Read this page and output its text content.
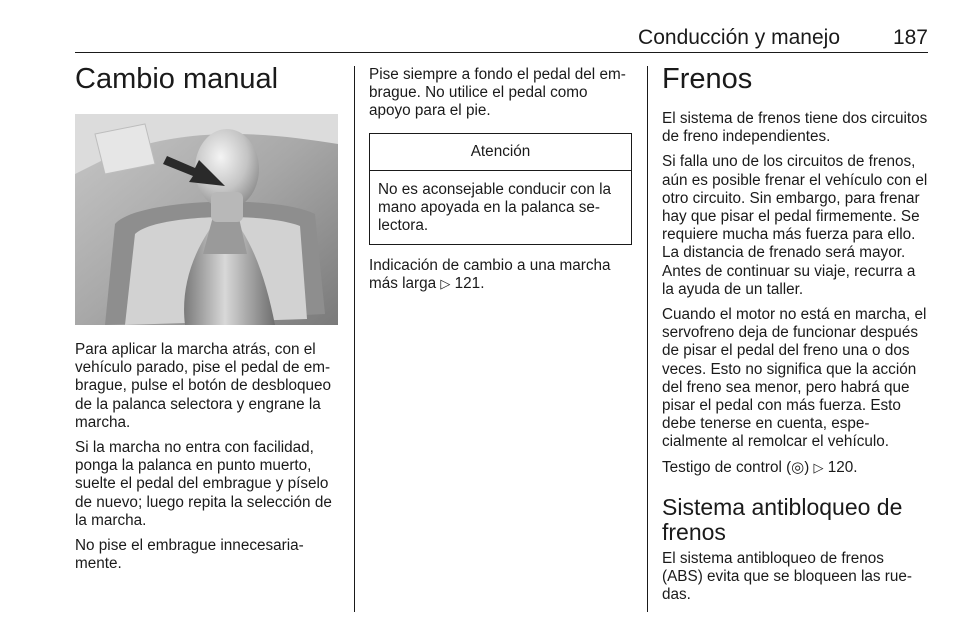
Conducción y manejo	187
Cambio manual

Para aplicar la marcha atrás, con el vehículo parado, pise el pedal de embrague, pulse el botón de desbloqueo de la palanca selectora y engrane la marcha.

Si la marcha no entra con facilidad, ponga la palanca en punto muerto, suelte el pedal del embrague y píselo de nuevo; luego repita la selección de la marcha.

No pise el embrague innecesariamente.

Pise siempre a fondo el pedal del embrague. No utilice el pedal como apoyo para el pie.

Atención

No es aconsejable conducir con la mano apoyada en la palanca selectora.

Indicación de cambio a una marcha más larga ▷ 121.

Frenos

El sistema de frenos tiene dos circuitos de freno independientes.

Si falla uno de los circuitos de frenos, aún es posible frenar el vehículo con el otro circuito. Sin embargo, para frenar hay que pisar el pedal firmemente. Se requiere mucha más fuerza para ello. La distancia de frenado será mayor. Antes de continuar su viaje, recurra a la ayuda de un taller.

Cuando el motor no está en marcha, el servofreno deja de funcionar después de pisar el pedal del freno una o dos veces. Esto no significa que la acción del freno sea menor, pero habrá que pisar el pedal con más fuerza. Esto debe tenerse en cuenta, especialmente al remolcar el vehículo.

Testigo de control (◎) ▷ 120.

Sistema antibloqueo de frenos

El sistema antibloqueo de frenos (ABS) evita que se bloqueen las ruedas.
